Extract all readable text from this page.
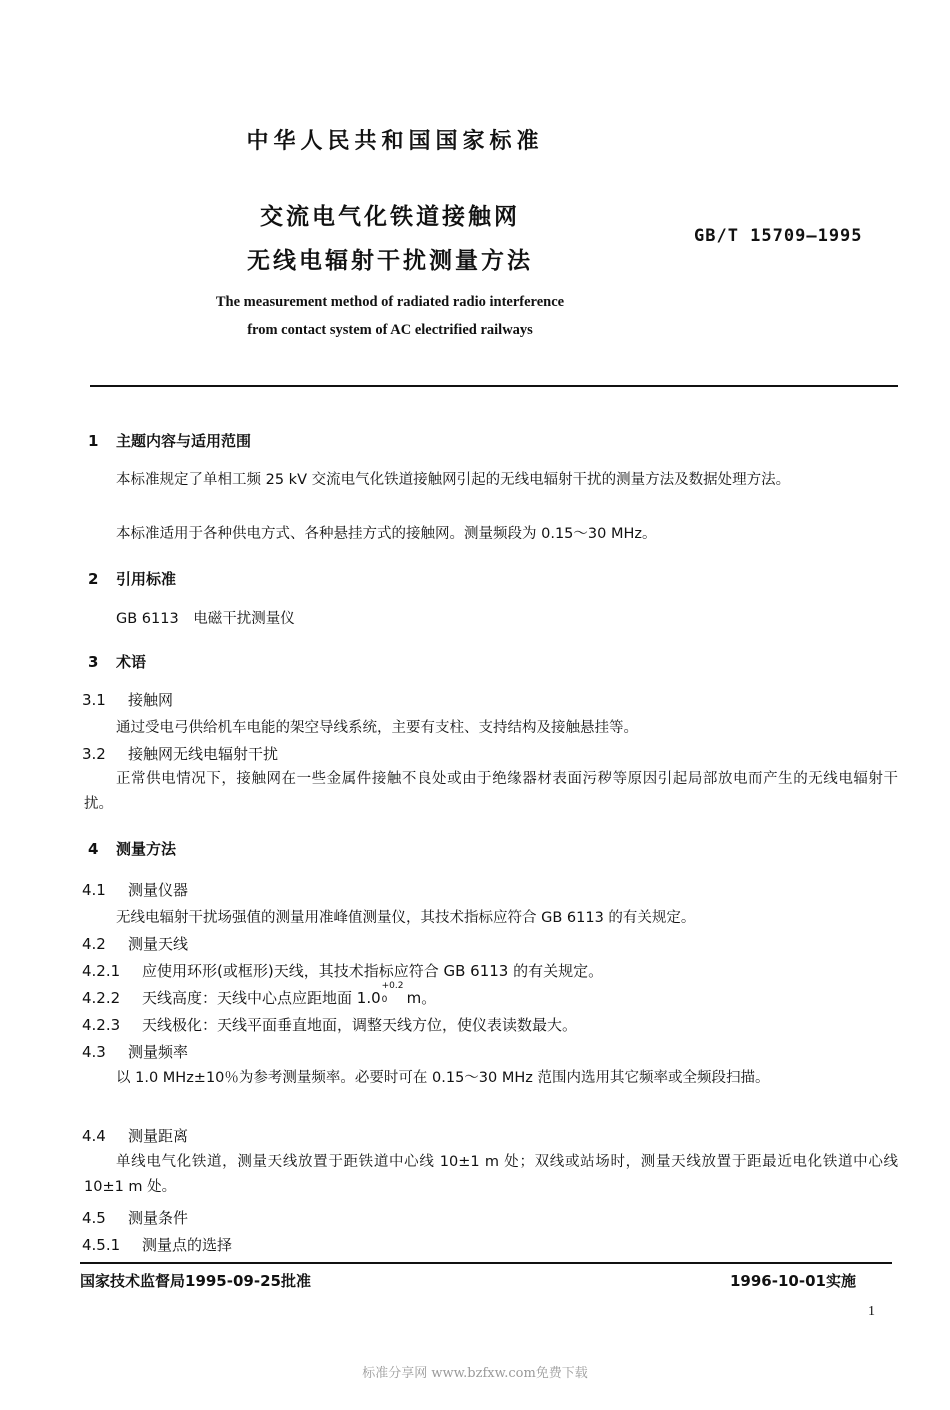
中华人民共和国国家标准
交流电气化铁道接触网
无线电辐射干扰测量方法
GB/T 15709—1995
The measurement method of radiated radio interference
from contact system of AC electrified railways
1 主题内容与适用范围
本标准规定了单相工频 25 kV 交流电气化铁道接触网引起的无线电辐射干扰的测量方法及数据处理方法。
本标准适用于各种供电方式、各种悬挂方式的接触网。测量频段为 0.15～30 MHz。
2 引用标准
GB 6113　电磁干扰测量仪
3 术语
3.1 接触网
通过受电弓供给机车电能的架空导线系统，主要有支柱、支持结构及接触悬挂等。
3.2 接触网无线电辐射干扰
正常供电情况下，接触网在一些金属件接触不良处或由于绝缘器材表面污秽等原因引起局部放电而产生的无线电辐射干扰。
4 测量方法
4.1 测量仪器
无线电辐射干扰场强值的测量用准峰值测量仪，其技术指标应符合 GB 6113 的有关规定。
4.2 测量天线
4.2.1 应使用环形(或框形)天线，其技术指标应符合 GB 6113 的有关规定。
4.2.2 天线高度：天线中心点应距地面 1.0
+0.2
0 m。
4.2.3 天线极化：天线平面垂直地面，调整天线方位，使仪表读数最大。
4.3 测量频率
以 1.0 MHz±10％为参考测量频率。必要时可在 0.15～30 MHz 范围内选用其它频率或全频段扫描。
4.4 测量距离
单线电气化铁道，测量天线放置于距铁道中心线 10±1 m 处；双线或站场时，测量天线放置于距最近电化铁道中心线 10±1 m 处。
4.5 测量条件
4.5.1 测量点的选择
国家技术监督局1995-09-25批准	1996-10-01实施
1
标准分享网 www.bzfxw.com免费下载
